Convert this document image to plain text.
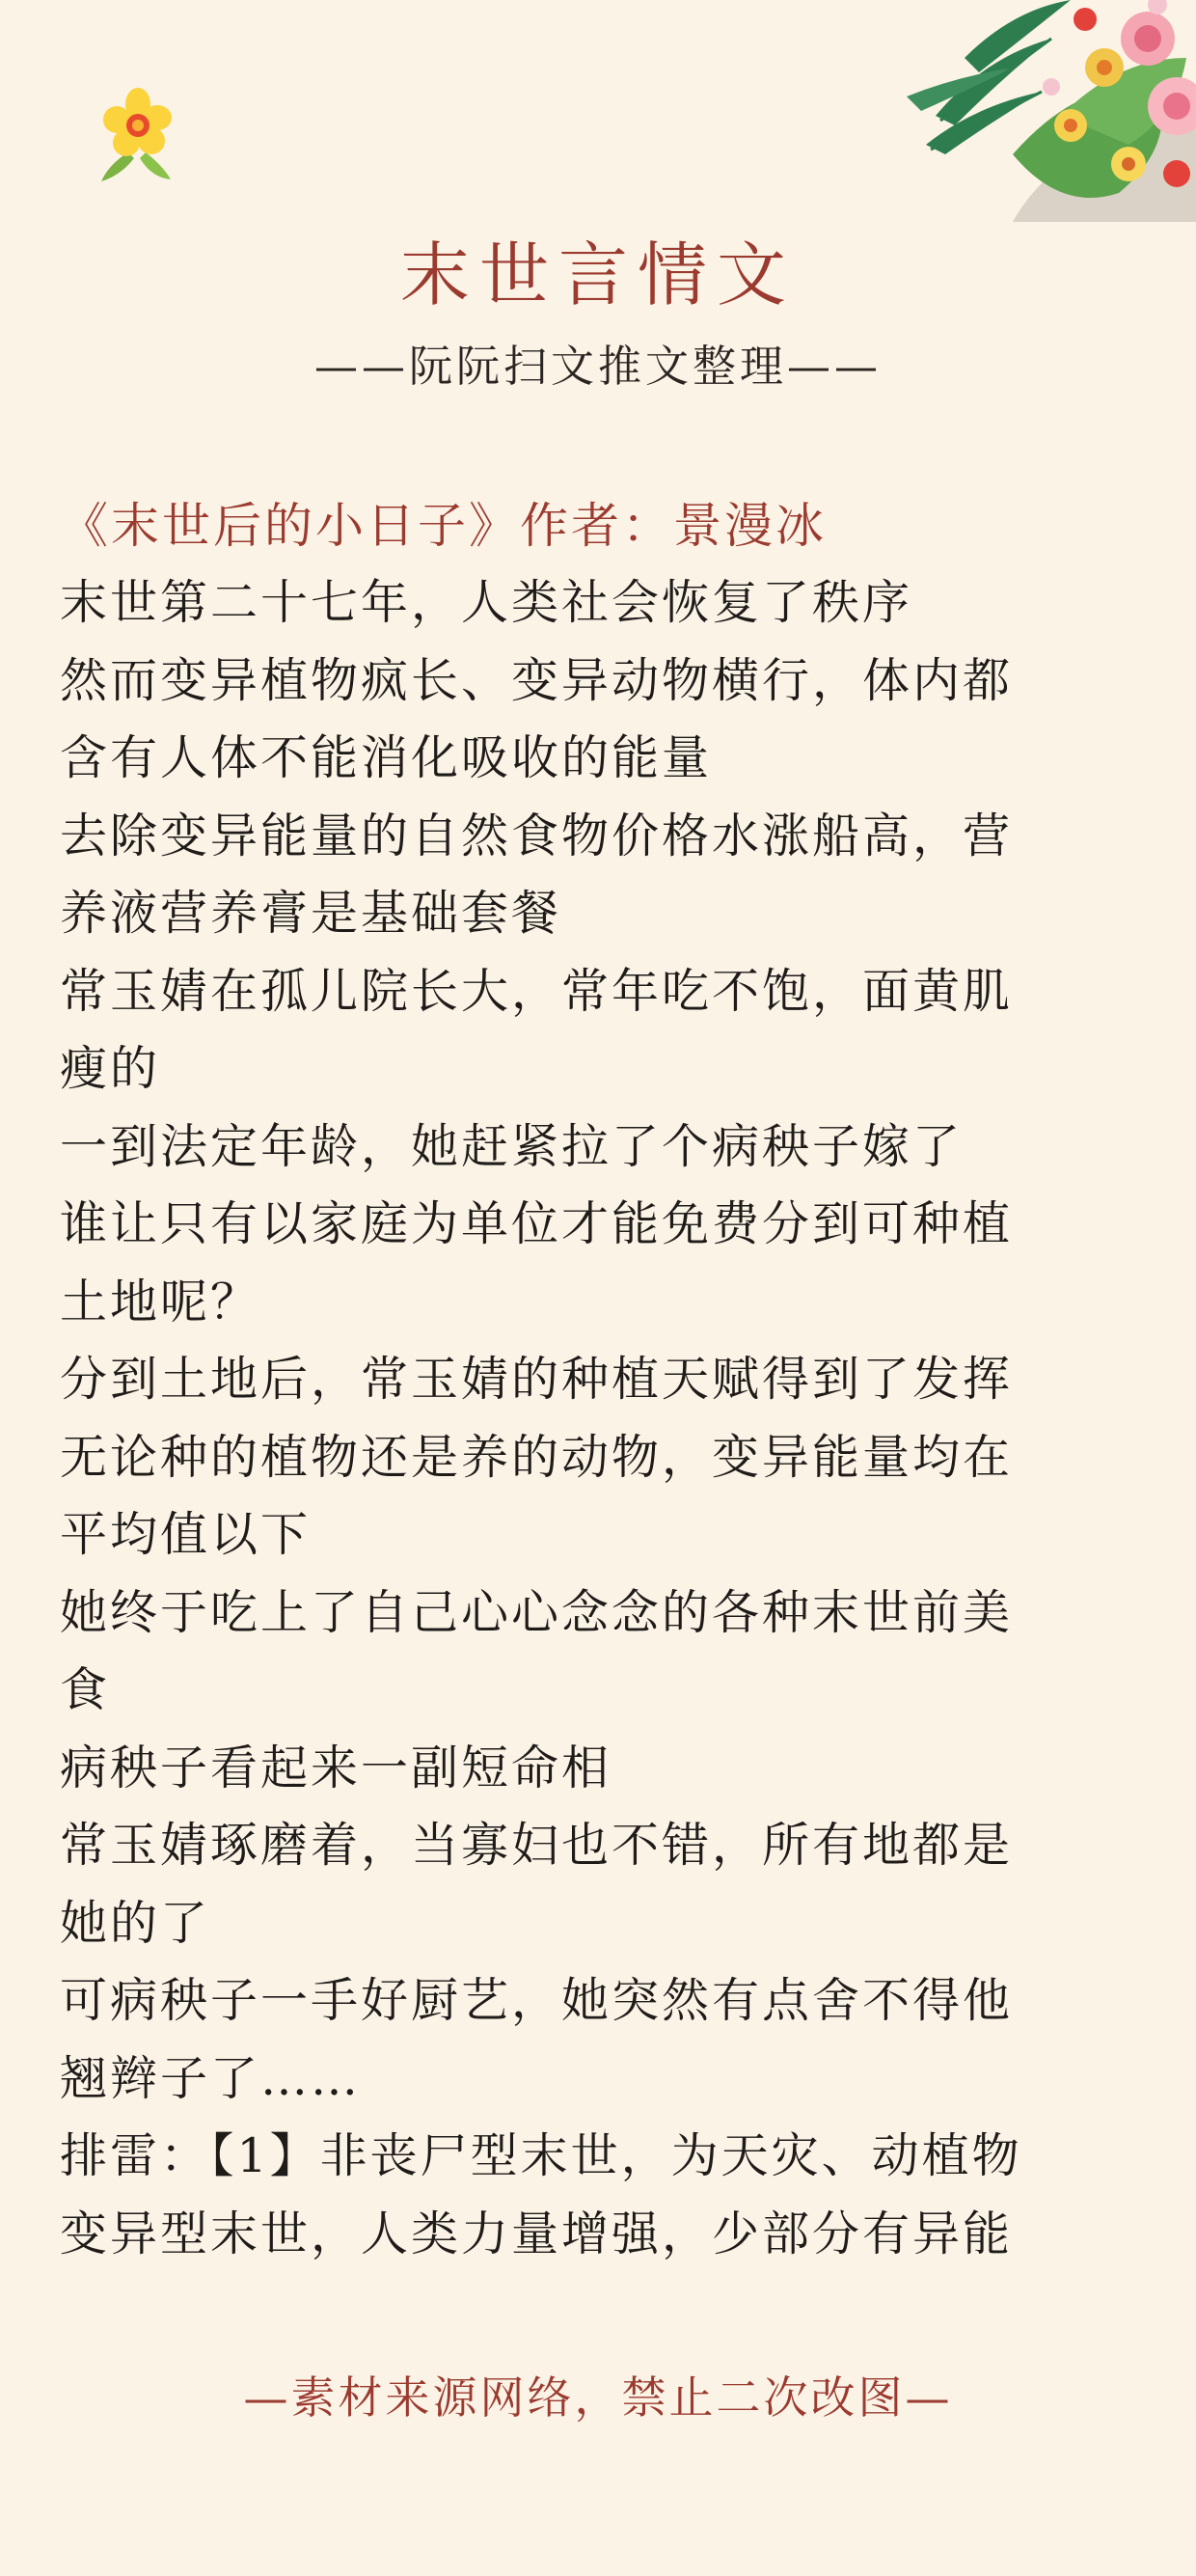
末世言情文
——阮阮扫文推文整理——
《末世后的小日子》作者：景漫冰
末世第二十七年，人类社会恢复了秩序
然而变异植物疯长、变异动物横行，体内都
含有人体不能消化吸收的能量
去除变异能量的自然食物价格水涨船高，营
养液营养膏是基础套餐
常玉婧在孤儿院长大，常年吃不饱，面黄肌
瘦的
一到法定年龄，她赶紧拉了个病秧子嫁了
谁让只有以家庭为单位才能免费分到可种植
土地呢？
分到土地后，常玉婧的种植天赋得到了发挥
无论种的植物还是养的动物，变异能量均在
平均值以下
她终于吃上了自己心心念念的各种末世前美
食
病秧子看起来一副短命相
常玉婧琢磨着，当寡妇也不错，所有地都是
她的了
可病秧子一手好厨艺，她突然有点舍不得他
翘辫子了……
排雷：【1】非丧尸型末世，为天灾、动植物
变异型末世，人类力量增强，少部分有异能
—素材来源网络，禁止二次改图—
